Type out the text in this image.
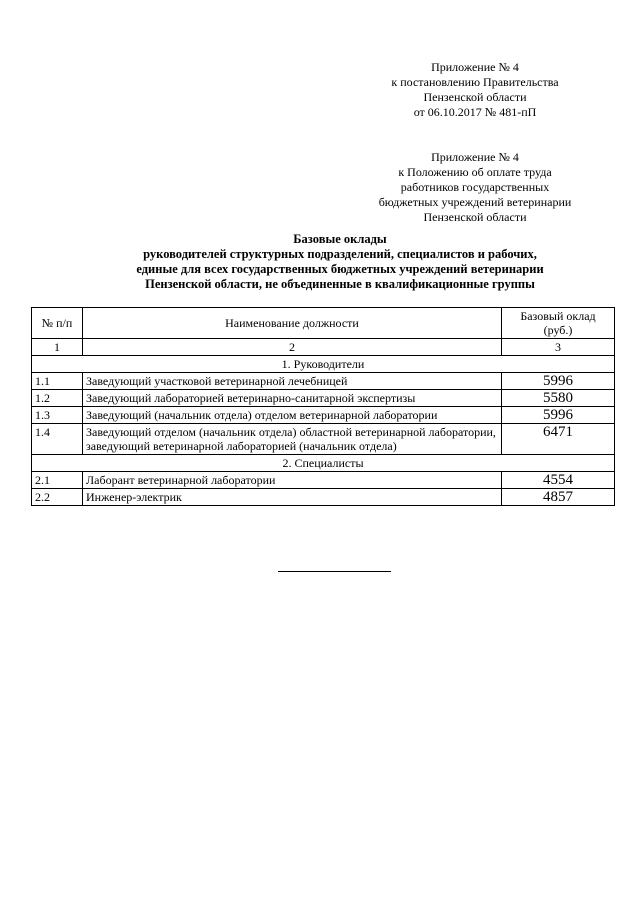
Приложение № 4
к постановлению Правительства
Пензенской области
от 06.10.2017 № 481-пП
Приложение № 4
к Положению об оплате труда
работников государственных
бюджетных учреждений ветеринарии
Пензенской области
Базовые оклады
руководителей структурных подразделений, специалистов и рабочих,
единые для всех государственных бюджетных учреждений ветеринарии
Пензенской области, не объединенные в квалификационные группы
№ п/п	Наименование должности	Базовый оклад (руб.)
1	2	3
1. Руководители		
1.1	Заведующий участковой ветеринарной лечебницей	5996
1.2	Заведующий лабораторией ветеринарно-санитарной экспертизы	5580
1.3	Заведующий (начальник отдела) отделом ветеринарной лаборатории	5996
1.4	Заведующий отделом (начальник отдела) областной ветеринарной лаборатории, заведующий ветеринарной лабораторией (начальник отдела)	6471
2. Специалисты		
2.1	Лаборант ветеринарной лаборатории	4554
2.2	Инженер-электрик	4857
